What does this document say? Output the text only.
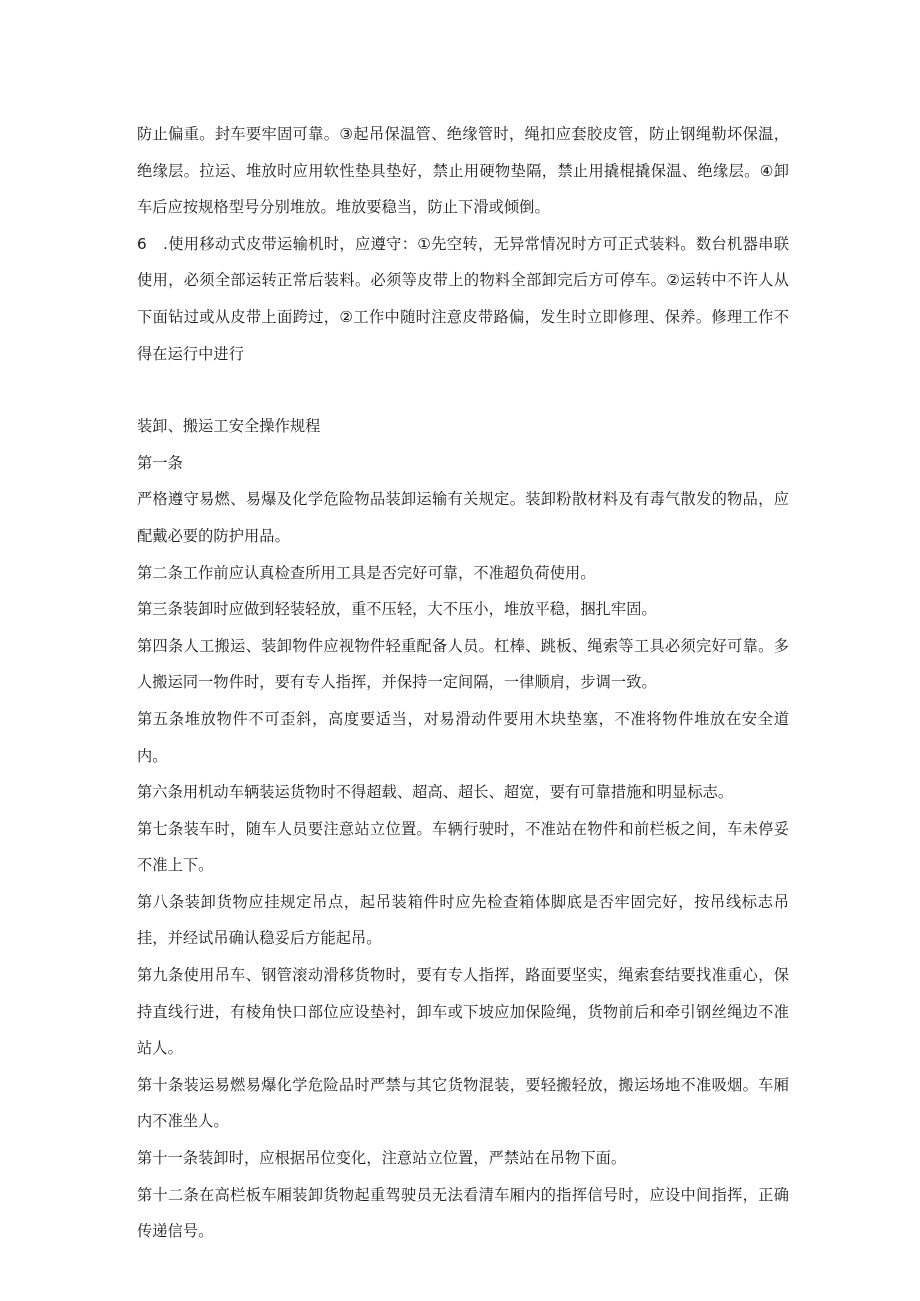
防止偏重。封车要牢固可靠。③起吊保温管、绝缘管时，绳扣应套胶皮管，防止钢绳勒坏保温，绝缘层。拉运、堆放时应用软性垫具垫好，禁止用硬物垫隔，禁止用撬棍撬保温、绝缘层。④卸车后应按规格型号分别堆放。堆放要稳当，防止下滑或倾倒。

6 .使用移动式皮带运输机时，应遵守：①先空转，无异常情况时方可正式装料。数台机器串联使用，必须全部运转正常后装料。必须等皮带上的物料全部卸完后方可停车。②运转中不许人从下面钻过或从皮带上面跨过，②工作中随时注意皮带路偏，发生时立即修理、保养。修理工作不得在运行中进行

装卸、搬运工安全操作规程

第一条

严格遵守易燃、易爆及化学危险物品装卸运输有关规定。装卸粉散材料及有毒气散发的物品，应配戴必要的防护用品。

第二条工作前应认真检查所用工具是否完好可靠，不准超负荷使用。

第三条装卸时应做到轻装轻放，重不压轻，大不压小，堆放平稳，捆扎牢固。

第四条人工搬运、装卸物件应视物件轻重配备人员。杠棒、跳板、绳索等工具必须完好可靠。多人搬运同一物件时，要有专人指挥，并保持一定间隔，一律顺肩，步调一致。

第五条堆放物件不可歪斜，高度要适当，对易滑动件要用木块垫塞，不准将物件堆放在安全道内。

第六条用机动车辆装运货物时不得超载、超高、超长、超宽，要有可靠措施和明显标志。

第七条装车时，随车人员要注意站立位置。车辆行驶时，不准站在物件和前栏板之间，车未停妥不准上下。

第八条装卸货物应挂规定吊点，起吊装箱件时应先检查箱体脚底是否牢固完好，按吊线标志吊挂，并经试吊确认稳妥后方能起吊。

第九条使用吊车、钢管滚动滑移货物时，要有专人指挥，路面要坚实，绳索套结要找准重心，保持直线行进，有棱角快口部位应设垫衬，卸车或下坡应加保险绳，货物前后和牵引钢丝绳边不准站人。

第十条装运易燃易爆化学危险品时严禁与其它货物混装，要轻搬轻放，搬运场地不准吸烟。车厢内不准坐人。

第十一条装卸时，应根据吊位变化，注意站立位置，严禁站在吊物下面。

第十二条在高栏板车厢装卸货物起重驾驶员无法看清车厢内的指挥信号时，应设中间指挥，正确传递信号。
